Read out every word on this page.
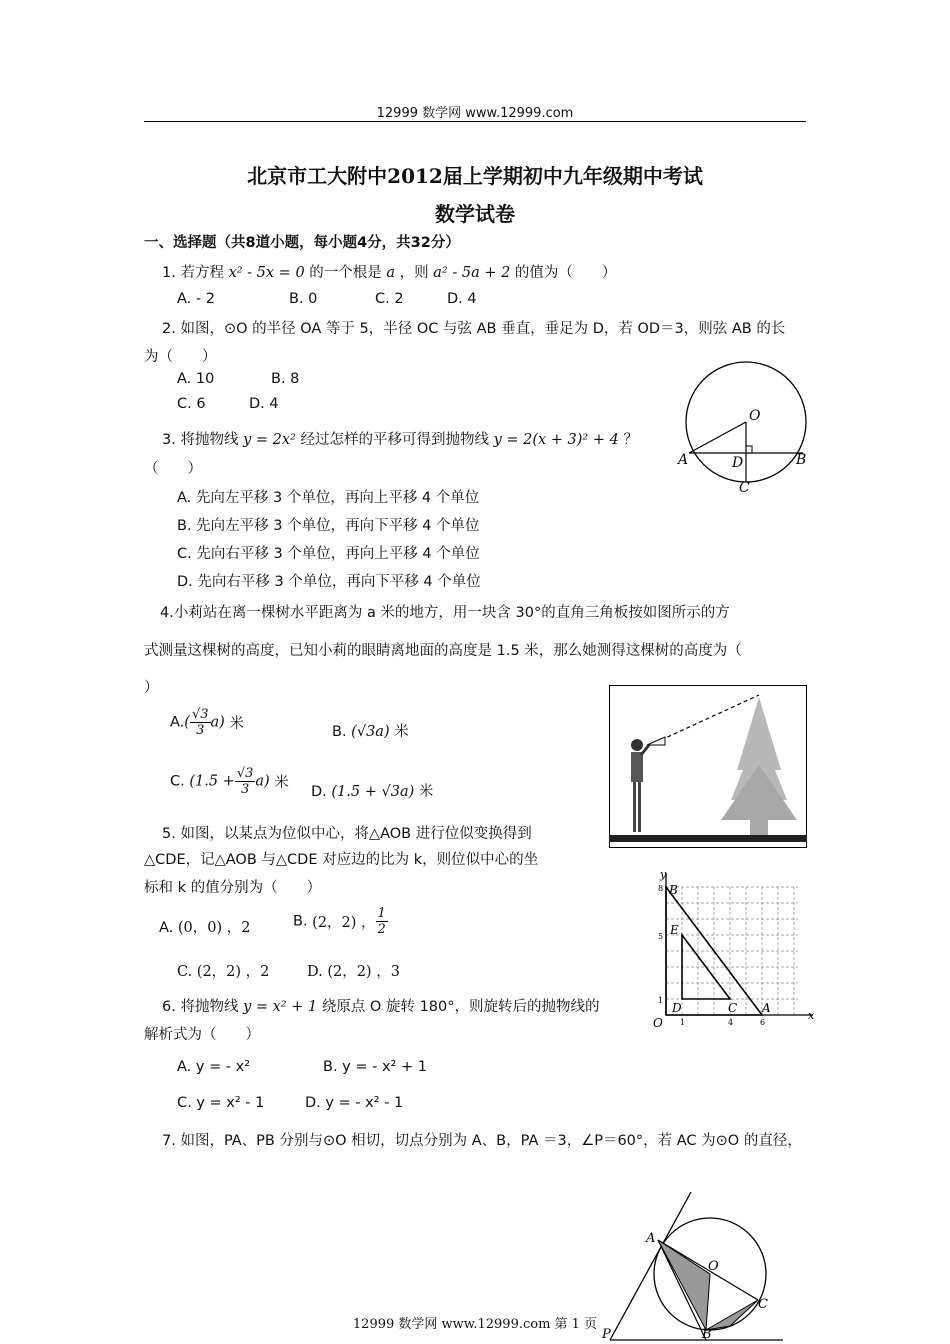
12999 数学网 www.12999.com
北京市工大附中2012届上学期初中九年级期中考试
数学试卷
一、选择题（共8道小题，每小题4分，共32分）
1. 若方程 x² - 5x = 0 的一个根是 a ，则 a² - 5a + 2 的值为（　　）
A. ‐ 2	B. 0	C. 2	D. 4
2. 如图，⊙O 的半径 OA 等于 5，半径 OC 与弦 AB 垂直，垂足为 D，若 OD＝3，则弦 AB 的长
为（　　）
A. 10	B. 8
C. 6	D. 4
O
A	D	B
C
3. 将抛物线 y = 2x² 经过怎样的平移可得到抛物线 y = 2(x + 3)² + 4 ？
（　　）
A. 先向左平移 3 个单位，再向上平移 4 个单位
B. 先向左平移 3 个单位，再向下平移 4 个单位
C. 先向右平移 3 个单位，再向上平移 4 个单位
D. 先向右平移 3 个单位，再向下平移 4 个单位
4.小莉站在离一棵树水平距离为 a 米的地方，用一块含 30°的直角三角板按如图所示的方
式测量这棵树的高度，已知小莉的眼睛离地面的高度是 1.5 米，那么她测得这棵树的高度为（
）
$A.( \frac{√3}{3} a)$ 米	B. (√3a) 米
C. $(1.5 + \frac{√3}{3} a)$ 米
D. (1.5 + √3a) 米
5. 如图，以某点为位似中心，将△AOB 进行位似变换得到
△CDE，记△AOB 与△CDE 对应边的比为 k，则位似中心的坐
标和 k 的值分别为（　　）
A. (0，0) ，2	B. (2，2) ， $\frac{1}{2}$
C. (2，2) ，2	D. (2，2) ，3
y
B
E
D	C A
O
x
8
5
1
1	4	6
6. 将抛物线 y = x² + 1 绕原点 O 旋转 180°，则旋转后的抛物线的
解析式为（　　）
A. y = - x²	B. y = - x² + 1
C. y = x² - 1	D. y = - x² - 1
7. 如图，PA、PB 分别与⊙O 相切，切点分别为 A、B，PA ＝3，∠P＝60°，若 AC 为⊙O 的直径，
A
O
C
P	B
12999 数学网 www.12999.com 第 1 页
